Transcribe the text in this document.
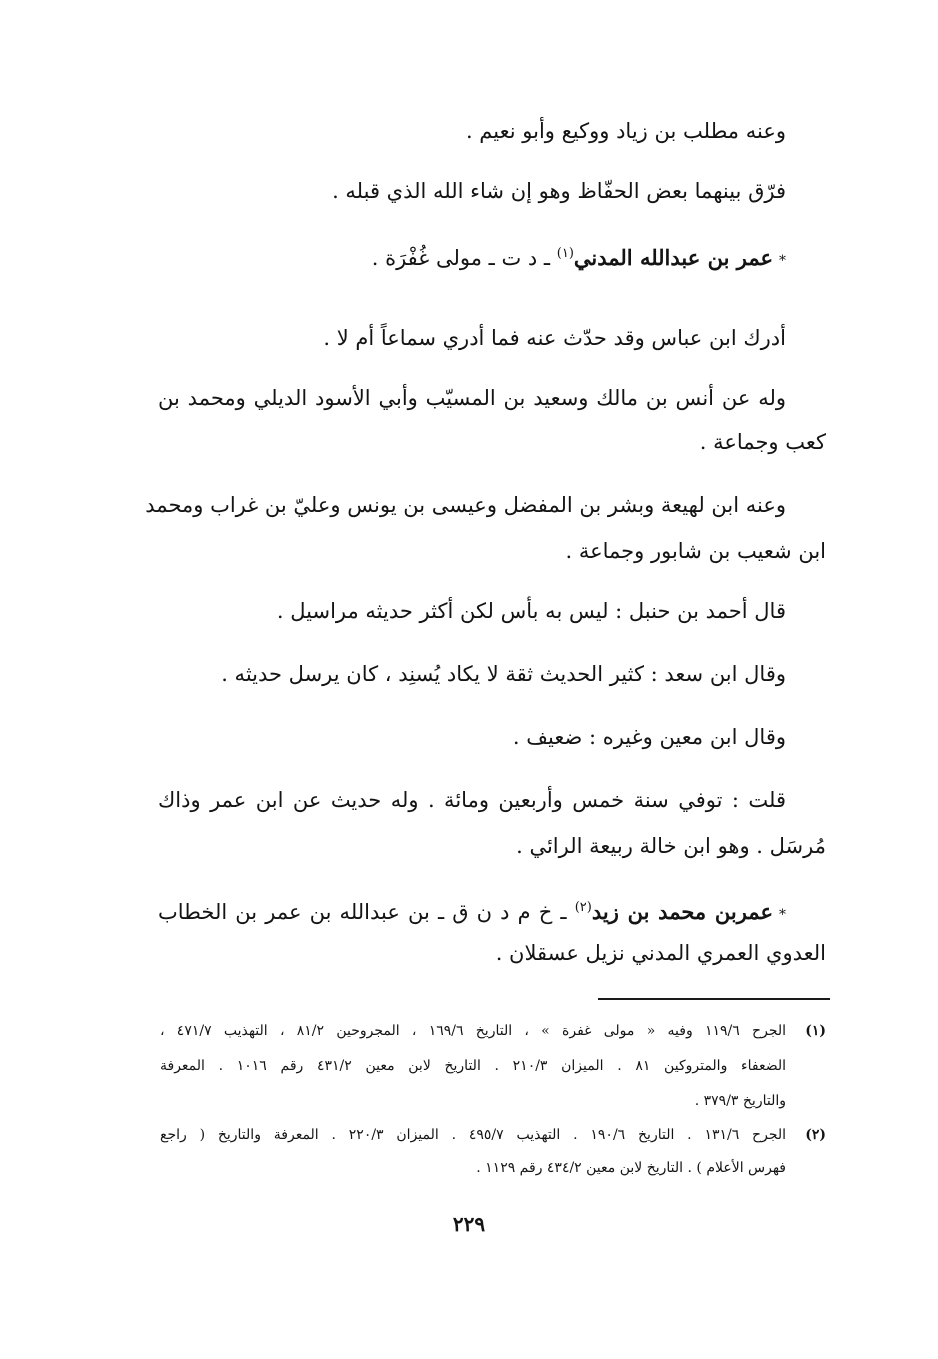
وعنه مطلب بن زياد ووكيع وأبو نعيم .
فرّق بينهما بعض الحفّاظ وهو إن شاء الله الذي قبله .
*عمر بن عبدالله المدني$^{(١)}$ ـ د ت ـ مولى غُفْرَة .
أدرك ابن عباس وقد حدّث عنه فما أدري سماعاً أم لا .
وله عن أنس بن مالك وسعيد بن المسيّب وأبي الأسود الديلي ومحمد بن
كعب وجماعة .
وعنه ابن لهيعة وبشر بن المفضل وعيسى بن يونس وعليّ بن غراب ومحمد
ابن شعيب بن شابور وجماعة .
قال أحمد بن حنبل : ليس به بأس لكن أكثر حديثه مراسيل .
وقال ابن سعد : كثير الحديث ثقة لا يكاد يُسنِد ، كان يرسل حديثه .
وقال ابن معين وغيره : ضعيف .
قلت : توفي سنة خمس وأربعين ومائة . وله حديث عن ابن عمر وذاك
مُرسَل . وهو ابن خالة ربيعة الرائي .
*عمربن محمد بن زيد$^{(٢)}$ ـ خ م د ن ق ـ بن عبدالله بن عمر بن الخطاب
العدوي العمري المدني نزيل عسقلان .
(١)
الجرح ١١٩/٦ وفيه « مولى غفرة » ، التاريخ ١٦٩/٦ ، المجروحين ٨١/٢ ، التهذيب ٤٧١/٧ ،
الضعفاء والمتروكين ٨١ . الميزان ٢١٠/٣ . التاريخ لابن معين ٤٣١/٢ رقم ١٠١٦ . المعرفة
والتاريخ ٣٧٩/٣ .
(٢)
الجرح ١٣١/٦ . التاريخ ١٩٠/٦ . التهذيب ٤٩٥/٧ . الميزان ٢٢٠/٣ . المعرفة والتاريخ ( راجع
فهرس الأعلام ) . التاريخ لابن معين ٤٣٤/٢ رقم ١١٢٩ .
٢٢٩
